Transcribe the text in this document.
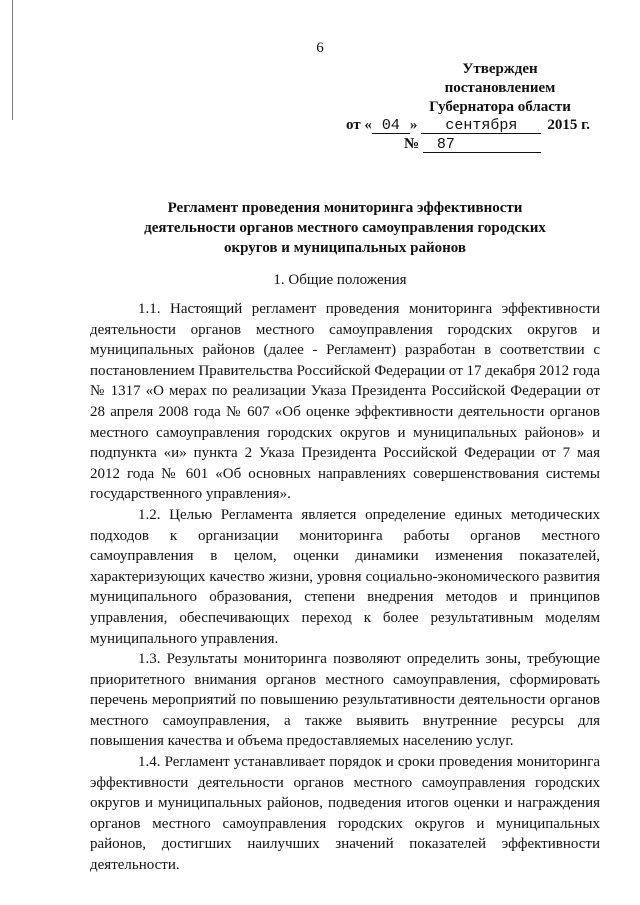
6
Утвержден
постановлением
Губернатора области
от « 04 » сентября 2015 г.
№ 87
Регламент проведения мониторинга эффективности деятельности органов местного самоуправления городских округов и муниципальных районов
1. Общие положения

1.1. Настоящий регламент проведения мониторинга эффективности деятельности органов местного самоуправления городских округов и муниципальных районов (далее - Регламент) разработан в соответствии с постановлением Правительства Российской Федерации от 17 декабря 2012 года № 1317 «О мерах по реализации Указа Президента Российской Федерации от 28 апреля 2008 года № 607 «Об оценке эффективности деятельности органов местного самоуправления городских округов и муниципальных районов» и подпункта «и» пункта 2 Указа Президента Российской Федерации от 7 мая 2012 года № 601 «Об основных направлениях совершенствования системы государственного управления».

1.2. Целью Регламента является определение единых методических подходов к организации мониторинга работы органов местного самоуправления в целом, оценки динамики изменения показателей, характеризующих качество жизни, уровня социально-экономического развития муниципального образования, степени внедрения методов и принципов управления, обеспечивающих переход к более результативным моделям муниципального управления.

1.3. Результаты мониторинга позволяют определить зоны, требующие приоритетного внимания органов местного самоуправления, сформировать перечень мероприятий по повышению результативности деятельности органов местного самоуправления, а также выявить внутренние ресурсы для повышения качества и объема предоставляемых населению услуг.

1.4. Регламент устанавливает порядок и сроки проведения мониторинга эффективности деятельности органов местного самоуправления городских округов и муниципальных районов, подведения итогов оценки и награждения органов местного самоуправления городских округов и муниципальных районов, достигших наилучших значений показателей эффективности деятельности.
